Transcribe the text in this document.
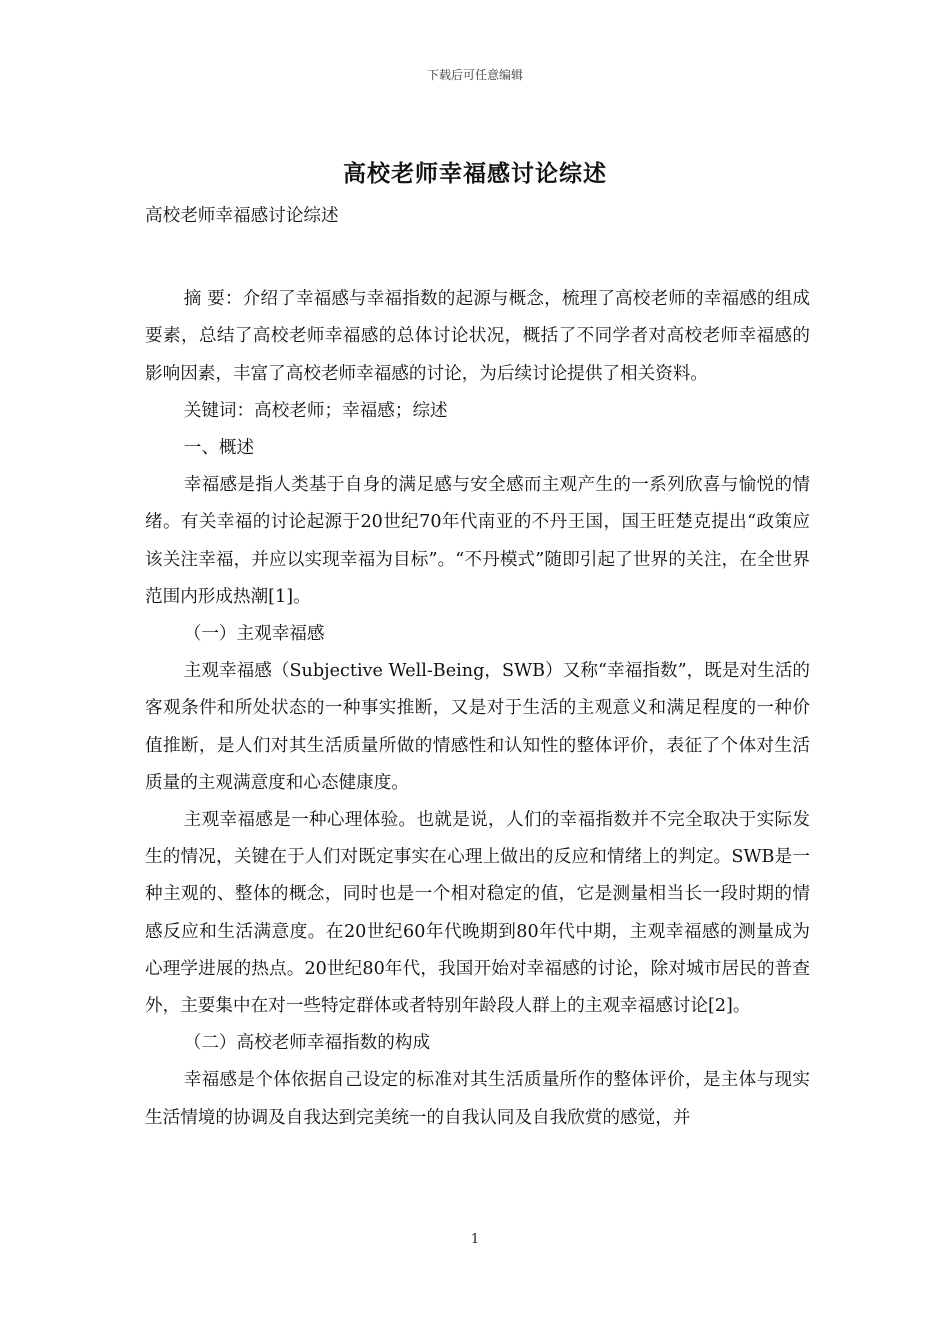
下载后可任意编辑
高校老师幸福感讨论综述

高校老师幸福感讨论综述

摘 要：介绍了幸福感与幸福指数的起源与概念，梳理了高校老师的幸福感的组成要素，总结了高校老师幸福感的总体讨论状况，概括了不同学者对高校老师幸福感的影响因素，丰富了高校老师幸福感的讨论，为后续讨论提供了相关资料。

关键词：高校老师；幸福感；综述

一、概述

幸福感是指人类基于自身的满足感与安全感而主观产生的一系列欣喜与愉悦的情绪。有关幸福的讨论起源于20世纪70年代南亚的不丹王国，国王旺楚克提出“政策应该关注幸福，并应以实现幸福为目标”。“不丹模式”随即引起了世界的关注，在全世界范围内形成热潮[1]。

（一）主观幸福感

主观幸福感（Subjective Well-Being，SWB）又称“幸福指数”，既是对生活的客观条件和所处状态的一种事实推断，又是对于生活的主观意义和满足程度的一种价值推断，是人们对其生活质量所做的情感性和认知性的整体评价，表征了个体对生活质量的主观满意度和心态健康度。

主观幸福感是一种心理体验。也就是说，人们的幸福指数并不完全取决于实际发生的情况，关键在于人们对既定事实在心理上做出的反应和情绪上的判定。SWB是一种主观的、整体的概念，同时也是一个相对稳定的值，它是测量相当长一段时期的情感反应和生活满意度。在20世纪60年代晚期到80年代中期，主观幸福感的测量成为心理学进展的热点。20世纪80年代，我国开始对幸福感的讨论，除对城市居民的普查外，主要集中在对一些特定群体或者特别年龄段人群上的主观幸福感讨论[2]。

（二）高校老师幸福指数的构成

幸福感是个体依据自己设定的标准对其生活质量所作的整体评价，是主体与现实生活情境的协调及自我达到完美统一的自我认同及自我欣赏的感觉，并

1
